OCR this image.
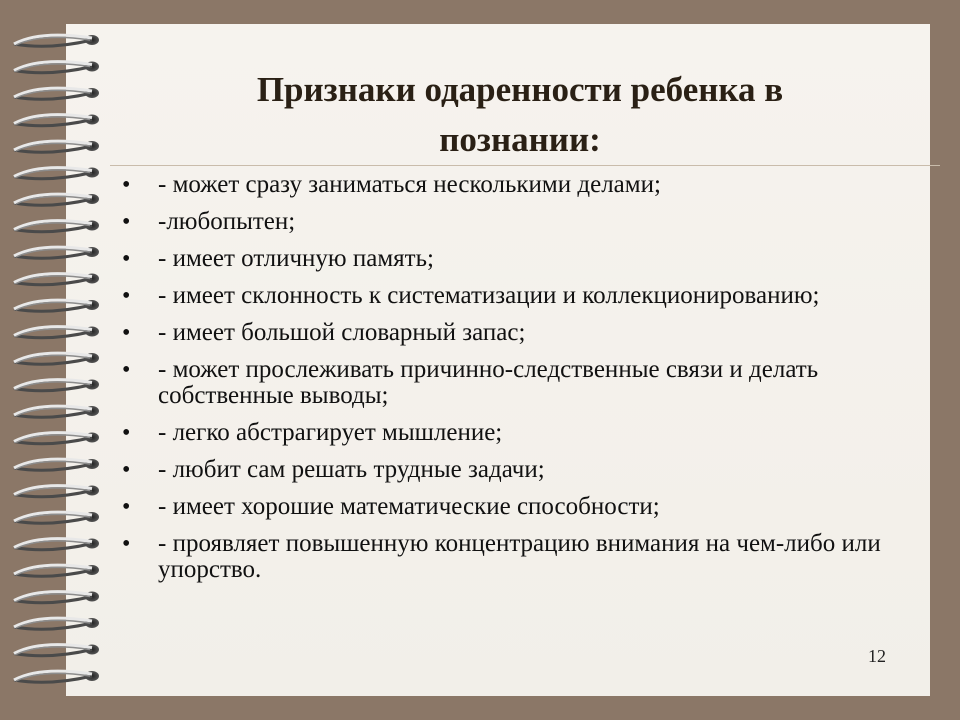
Признаки одаренности ребенка в
познании:
• - может сразу заниматься несколькими делами;
• -любопытен;
• - имеет отличную память;
• - имеет склонность к систематизации и коллекционированию;
• - имеет большой словарный запас;
• - может прослеживать причинно-следственные связи и делать собственные выводы;
• - легко абстрагирует мышление;
• - любит сам решать трудные задачи;
• - имеет хорошие математические способности;
• - проявляет повышенную концентрацию внимания на чем-либо или упорство.
12
